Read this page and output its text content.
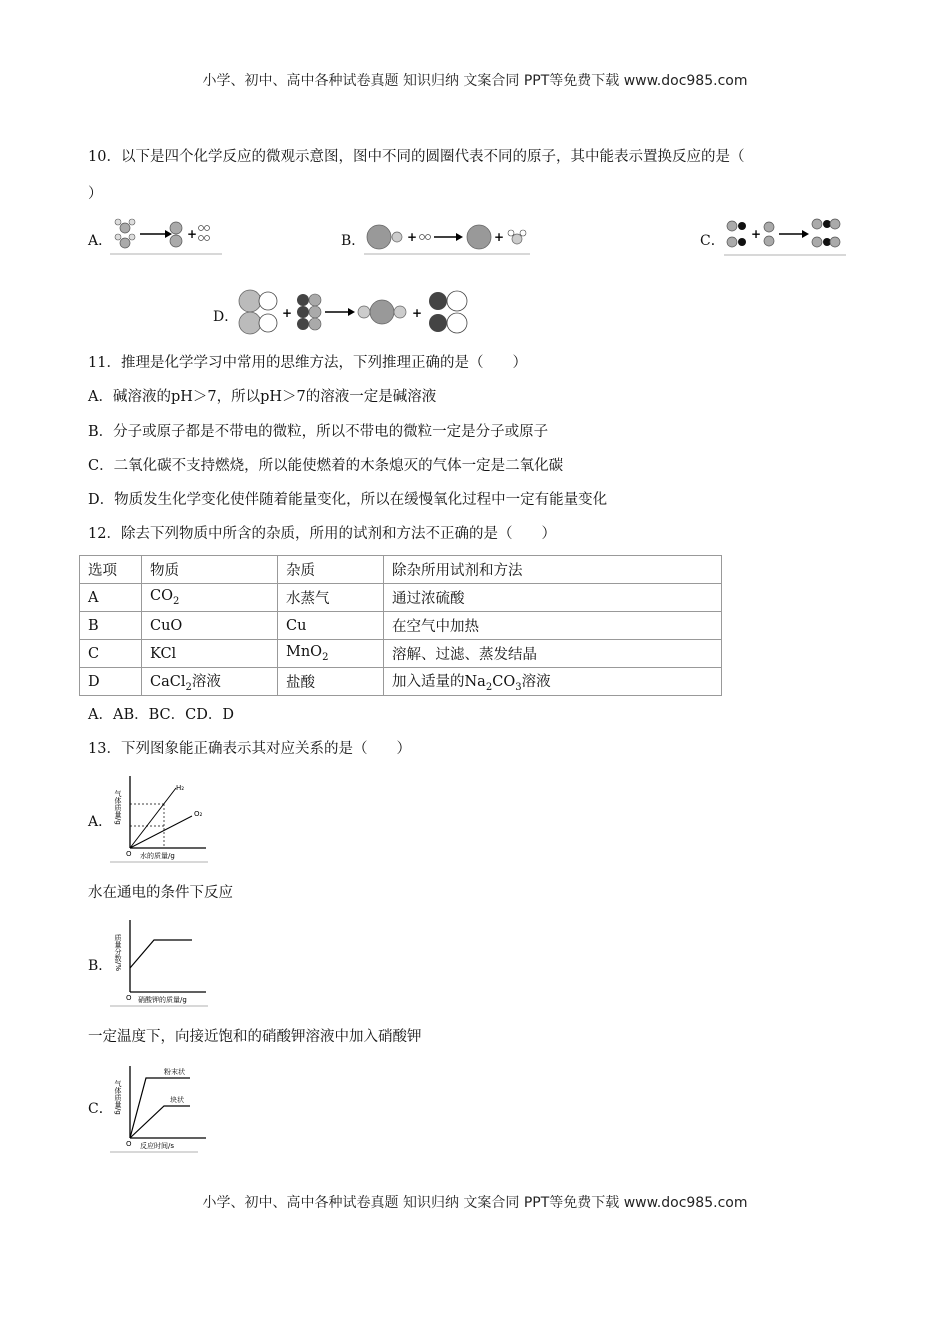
小学、初中、高中各种试卷真题 知识归纳 文案合同 PPT等免费下载 www.doc985.com
10．以下是四个化学反应的微观示意图，图中不同的圆圈代表不同的原子，其中能表示置换反应的是（
）
A．	+	B．	+	+	C． +
D．	+	+
11．推理是化学学习中常用的思维方法，下列推理正确的是（　　）
A．碱溶液的pH＞7，所以pH＞7的溶液一定是碱溶液
B．分子或原子都是不带电的微粒，所以不带电的微粒一定是分子或原子
C．二氧化碳不支持燃烧，所以能使燃着的木条熄灭的气体一定是二氧化碳
D．物质发生化学变化使伴随着能量变化，所以在缓慢氧化过程中一定有能量变化
12．除去下列物质中所含的杂质，所用的试剂和方法不正确的是（　　）
选项	物质	杂质	除杂所用试剂和方法
A	$CO_2$	水蒸气	通过浓硫酸
B	CuO	Cu	在空气中加热
C	KCl	MnO$_2$	溶解、过滤、蒸发结晶
D	CaCl$_2$溶液	盐酸	加入适量的$Na_2CO_3$溶液
A．AB．BC．CD．D
13．下列图象能正确表示其对应关系的是（　　）
A．
H₂
O₂
O 水的质量/g
气体质量/g
水在通电的条件下反应
B．
O 硝酸钾的质量/g
质量分数/%
一定温度下，向接近饱和的硝酸钾溶液中加入硝酸钾
C．
粉末状
块状
O 反应时间/s
气体质量/g
小学、初中、高中各种试卷真题 知识归纳 文案合同 PPT等免费下载 www.doc985.com
